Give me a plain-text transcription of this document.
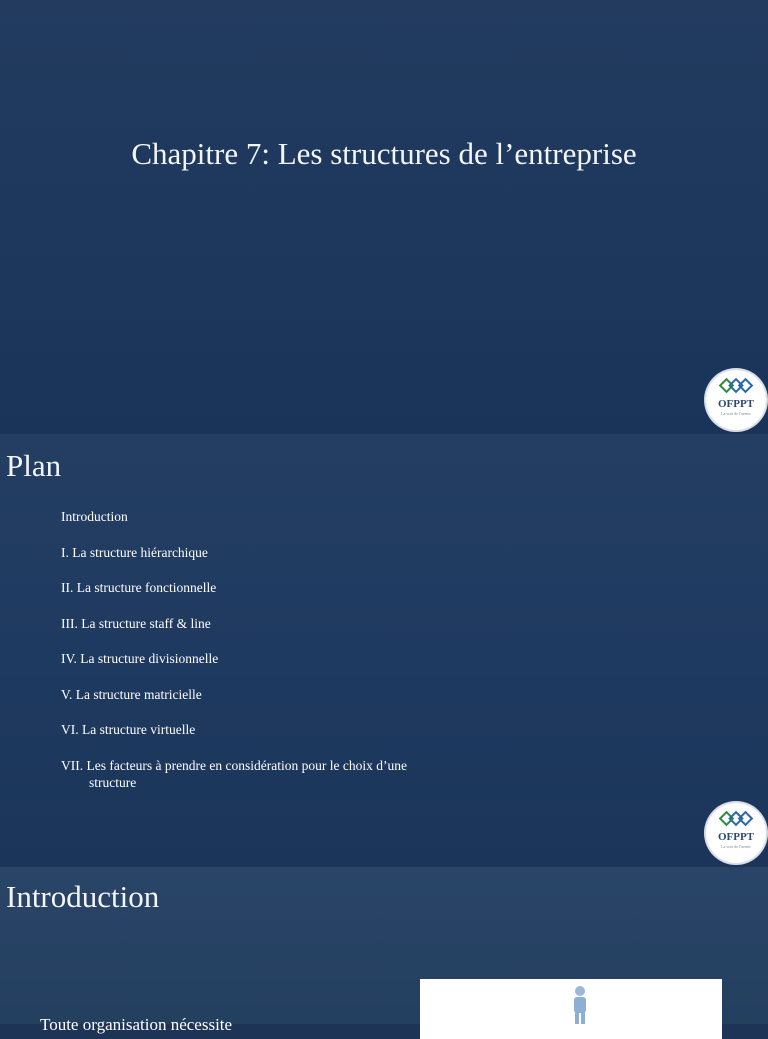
Chapitre 7: Les structures de l’entreprise
OFPPT
La voie de l'avenir
Plan
Introduction
I. La structure hiérarchique
II. La structure fonctionnelle
III. La structure staff & line
IV. La structure divisionnelle
V. La structure matricielle
VI. La structure virtuelle
VII. Les facteurs à prendre en considération pour le choix d’une
structure
OFPPT
La voie de l'avenir
Introduction
Toute organisation nécessite
